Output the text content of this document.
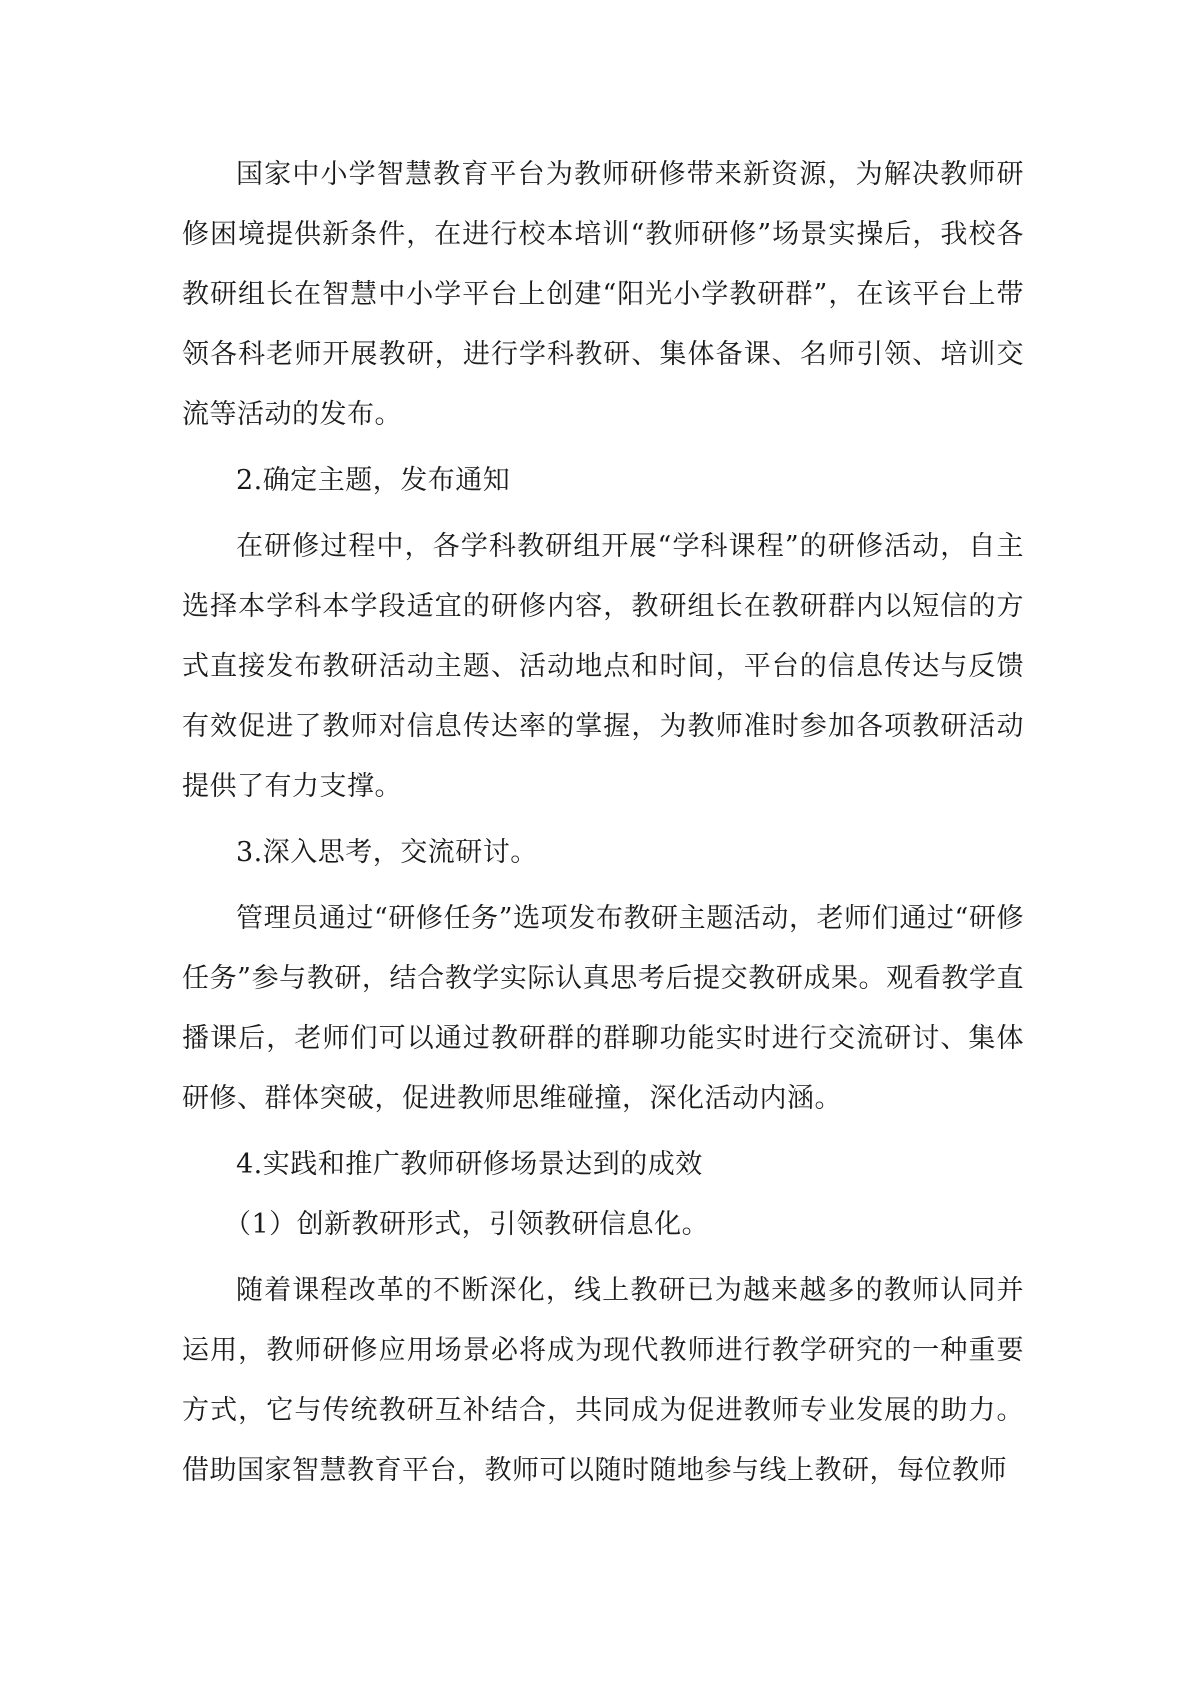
国家中小学智慧教育平台为教师研修带来新资源，为解决教师研修困境提供新条件，在进行校本培训“教师研修”场景实操后，我校各教研组长在智慧中小学平台上创建“阳光小学教研群”，在该平台上带领各科老师开展教研，进行学科教研、集体备课、名师引领、培训交流等活动的发布。

2.确定主题，发布通知

在研修过程中，各学科教研组开展“学科课程”的研修活动，自主选择本学科本学段适宜的研修内容，教研组长在教研群内以短信的方式直接发布教研活动主题、活动地点和时间，平台的信息传达与反馈有效促进了教师对信息传达率的掌握，为教师准时参加各项教研活动提供了有力支撑。

3.深入思考，交流研讨。

管理员通过“研修任务”选项发布教研主题活动，老师们通过“研修任务”参与教研，结合教学实际认真思考后提交教研成果。观看教学直播课后，老师们可以通过教研群的群聊功能实时进行交流研讨、集体研修、群体突破，促进教师思维碰撞，深化活动内涵。

4.实践和推广教师研修场景达到的成效

（1）创新教研形式，引领教研信息化。

随着课程改革的不断深化，线上教研已为越来越多的教师认同并运用，教师研修应用场景必将成为现代教师进行教学研究的一种重要方式，它与传统教研互补结合，共同成为促进教师专业发展的助力。借助国家智慧教育平台，教师可以随时随地参与线上教研，每位教师
